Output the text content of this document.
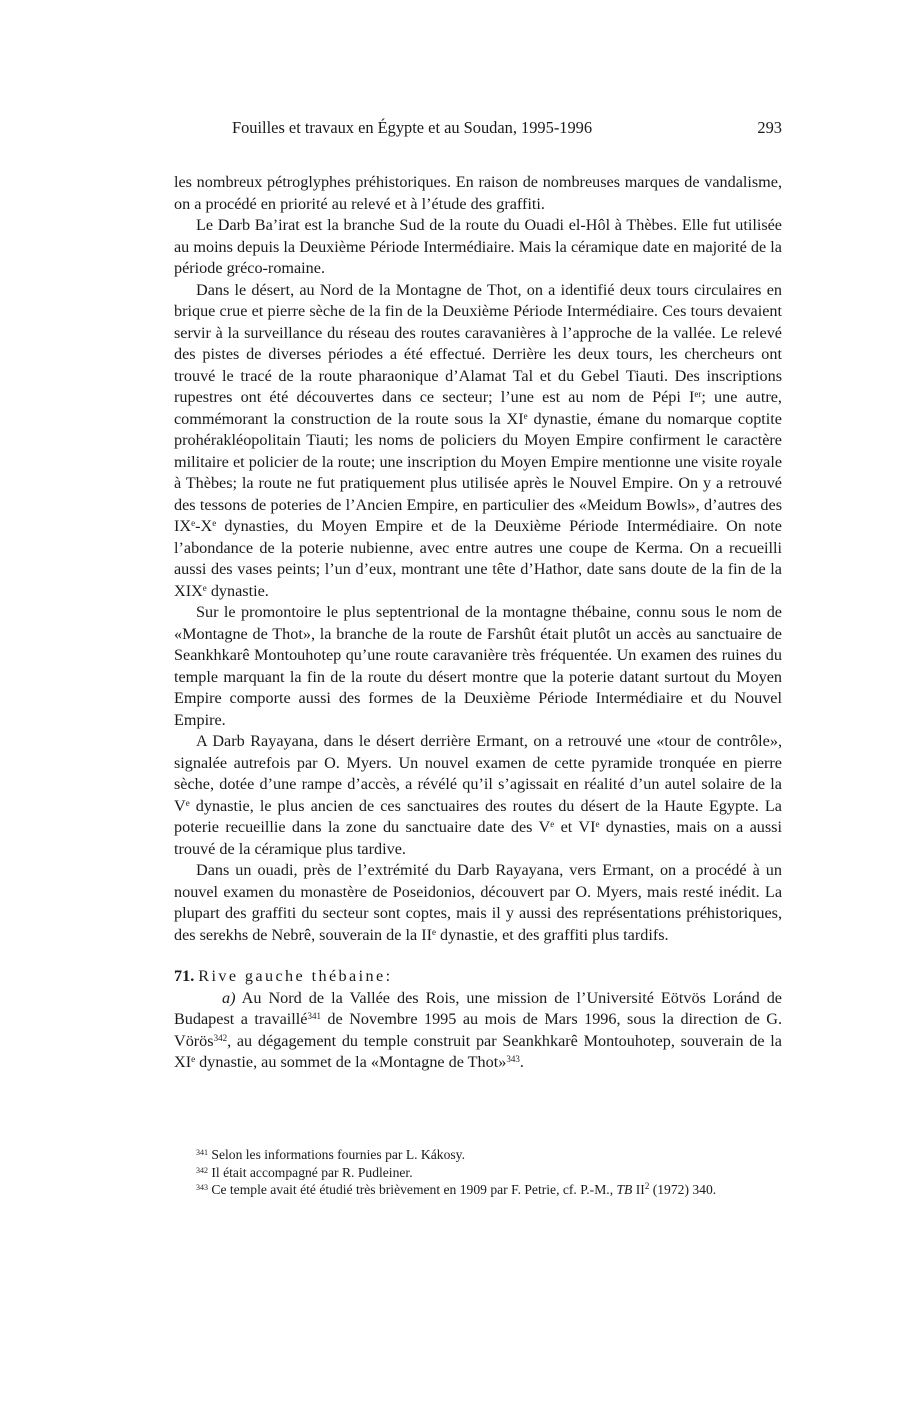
Fouilles et travaux en Égypte et au Soudan, 1995-1996	293

les nombreux pétroglyphes préhistoriques. En raison de nombreuses marques de vandalisme, on a procédé en priorité au relevé et à l’étude des graffiti.

Le Darb Ba’irat est la branche Sud de la route du Ouadi el-Hôl à Thèbes. Elle fut utilisée au moins depuis la Deuxième Période Intermédiaire. Mais la céramique date en majorité de la période gréco-romaine.

Dans le désert, au Nord de la Montagne de Thot, on a identifié deux tours circulaires en brique crue et pierre sèche de la fin de la Deuxième Période Intermédiaire. Ces tours devaient servir à la surveillance du réseau des routes caravanières à l’approche de la vallée. Le relevé des pistes de diverses périodes a été effectué. Derrière les deux tours, les chercheurs ont trouvé le tracé de la route pharaonique d’Alamat Tal et du Gebel Tiauti. Des inscriptions rupestres ont été découvertes dans ce secteur; l’une est au nom de Pépi Ier; une autre, commémorant la construction de la route sous la XIe dynastie, émane du nomarque coptite prohérakléopolitain Tiauti; les noms de policiers du Moyen Empire confirment le caractère militaire et policier de la route; une inscription du Moyen Empire mentionne une visite royale à Thèbes; la route ne fut pratiquement plus utilisée après le Nouvel Empire. On y a retrouvé des tessons de poteries de l’Ancien Empire, en particulier des «Meidum Bowls», d’autres des IXe-Xe dynasties, du Moyen Empire et de la Deuxième Période Intermédiaire. On note l’abondance de la poterie nubienne, avec entre autres une coupe de Kerma. On a recueilli aussi des vases peints; l’un d’eux, montrant une tête d’Hathor, date sans doute de la fin de la XIXe dynastie.

Sur le promontoire le plus septentrional de la montagne thébaine, connu sous le nom de «Montagne de Thot», la branche de la route de Farshût était plutôt un accès au sanctuaire de Seankhkarê Montouhotep qu’une route caravanière très fréquentée. Un examen des ruines du temple marquant la fin de la route du désert montre que la poterie datant surtout du Moyen Empire comporte aussi des formes de la Deuxième Période Intermédiaire et du Nouvel Empire.

A Darb Rayayana, dans le désert derrière Ermant, on a retrouvé une «tour de contrôle», signalée autrefois par O. Myers. Un nouvel examen de cette pyramide tronquée en pierre sèche, dotée d’une rampe d’accès, a révélé qu’il s’agissait en réalité d’un autel solaire de la Ve dynastie, le plus ancien de ces sanctuaires des routes du désert de la Haute Egypte. La poterie recueillie dans la zone du sanctuaire date des Ve et VIe dynasties, mais on a aussi trouvé de la céramique plus tardive.

Dans un ouadi, près de l’extrémité du Darb Rayayana, vers Ermant, on a procédé à un nouvel examen du monastère de Poseidonios, découvert par O. Myers, mais resté inédit. La plupart des graffiti du secteur sont coptes, mais il y aussi des représentations préhistoriques, des serekhs de Nebrê, souverain de la IIe dynastie, et des graffiti plus tardifs.

71. Rive gauche thébaine:

a) Au Nord de la Vallée des Rois, une mission de l’Université Eötvös Loránd de Budapest a travaillé$^{341}$ de Novembre 1995 au mois de Mars 1996, sous la direction de G. Vörös$^{342}$, au dégagement du temple construit par Seankhkarê Montouhotep, souverain de la XIe dynastie, au sommet de la «Montagne de Thot»$^{343}$.

$^{341}$ Selon les informations fournies par L. Kákosy.

$^{342}$ Il était accompagné par R. Pudleiner.

$^{343}$ Ce temple avait été étudié très brièvement en 1909 par F. Petrie, cf. P.-M., TB $II^2$ (1972) 340.
